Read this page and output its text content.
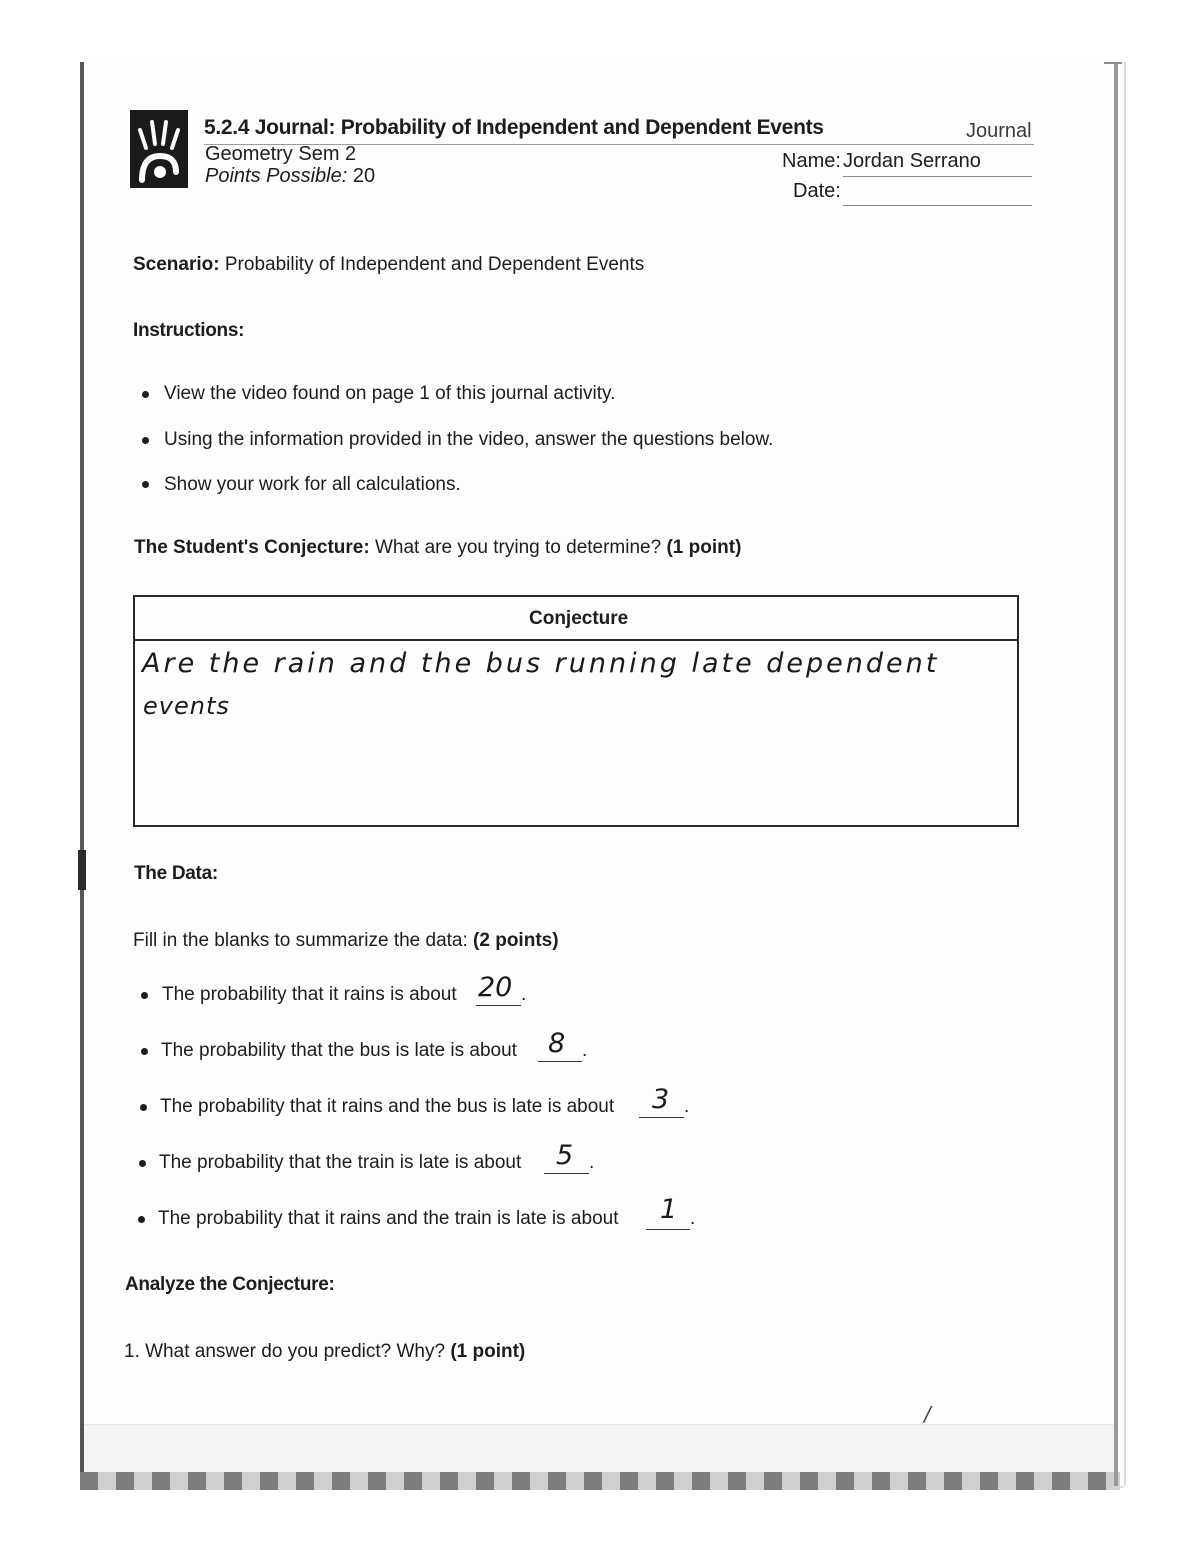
5.2.4 Journal: Probability of Independent and Dependent Events	Journal
Geometry Sem 2
Points Possible: 20
Name: Jordan Serrano
Date:
Scenario: Probability of Independent and Dependent Events
Instructions:
View the video found on page 1 of this journal activity.
Using the information provided in the video, answer the questions below.
Show your work for all calculations.
The Student's Conjecture: What are you trying to determine? (1 point)
Conjecture
Are the rain and the bus running late dependent
events
The Data:
Fill in the blanks to summarize the data: (2 points)
The probability that it rains is about 20 .
The probability that the bus is late is about 8 .
The probability that it rains and the bus is late is about 3 .
The probability that the train is late is about 5 .
The probability that it rains and the train is late is about 1 .
Analyze the Conjecture:
1. What answer do you predict? Why? (1 point)
/
